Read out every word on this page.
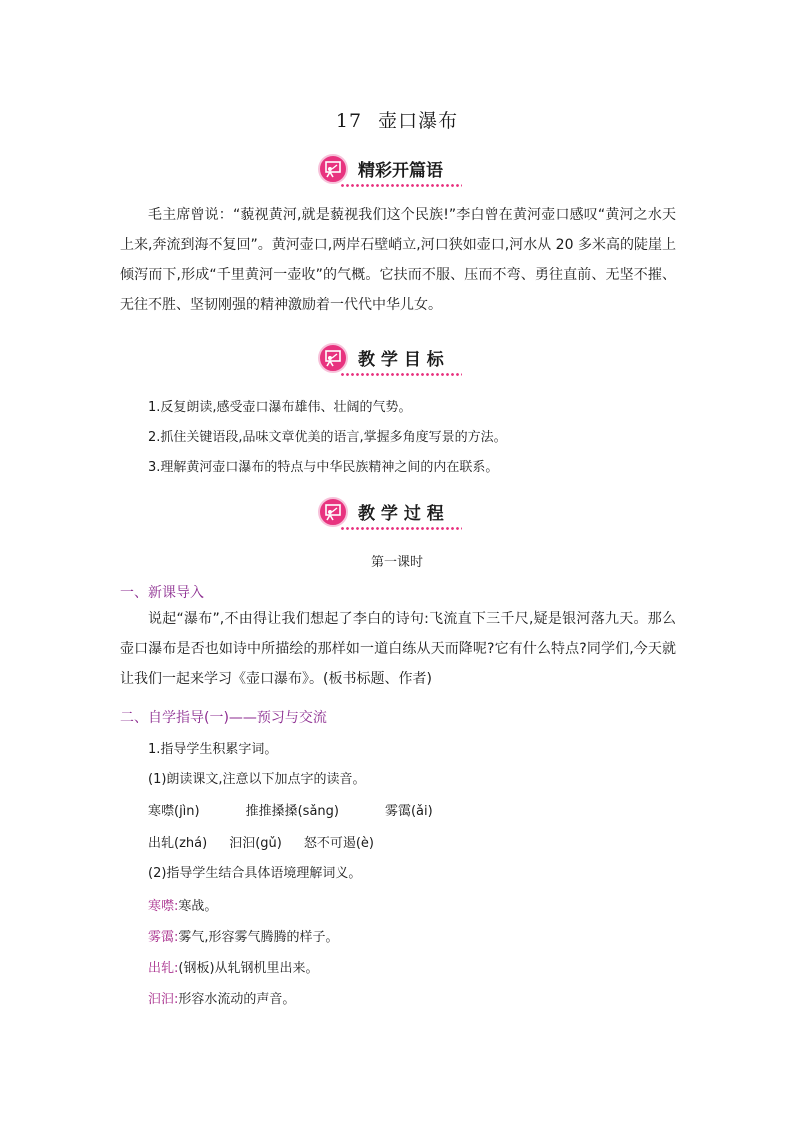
17 壶口瀑布
精彩开篇语
毛主席曾说：“藐视黄河,就是藐视我们这个民族!”李白曾在黄河壶口感叹“黄河之水天上来,奔流到海不复回”。黄河壶口,两岸石壁峭立,河口狭如壶口,河水从 20 多米高的陡崖上倾泻而下,形成“千里黄河一壶收”的气概。它扶而不服、压而不弯、勇往直前、无坚不摧、无往不胜、坚韧刚强的精神激励着一代代中华儿女。
教 学 目 标
1.反复朗读,感受壶口瀑布雄伟、壮阔的气势。
2.抓住关键语段,品味文章优美的语言,掌握多角度写景的方法。
3.理解黄河壶口瀑布的特点与中华民族精神之间的内在联系。
教 学 过 程
第一课时
一、新课导入
说起“瀑布”,不由得让我们想起了李白的诗句:飞流直下三千尺,疑是银河落九天。那么壶口瀑布是否也如诗中所描绘的那样如一道白练从天而降呢?它有什么特点?同学们,今天就让我们一起来学习《壶口瀑布》。(板书标题、作者)
二、自学指导(一)——预习与交流
1.指导学生积累字词。
(1)朗读课文,注意以下加点字的读音。
寒噤(jìn)	推推搡搡(sǎng)	雾霭(ǎi)
出轧(zhá) 汩汩(gǔ) 怒不可遏(è)
(2)指导学生结合具体语境理解词义。
寒噤:寒战。
雾霭:雾气,形容雾气腾腾的样子。
出轧:(钢板)从轧钢机里出来。
汩汩:形容水流动的声音。
